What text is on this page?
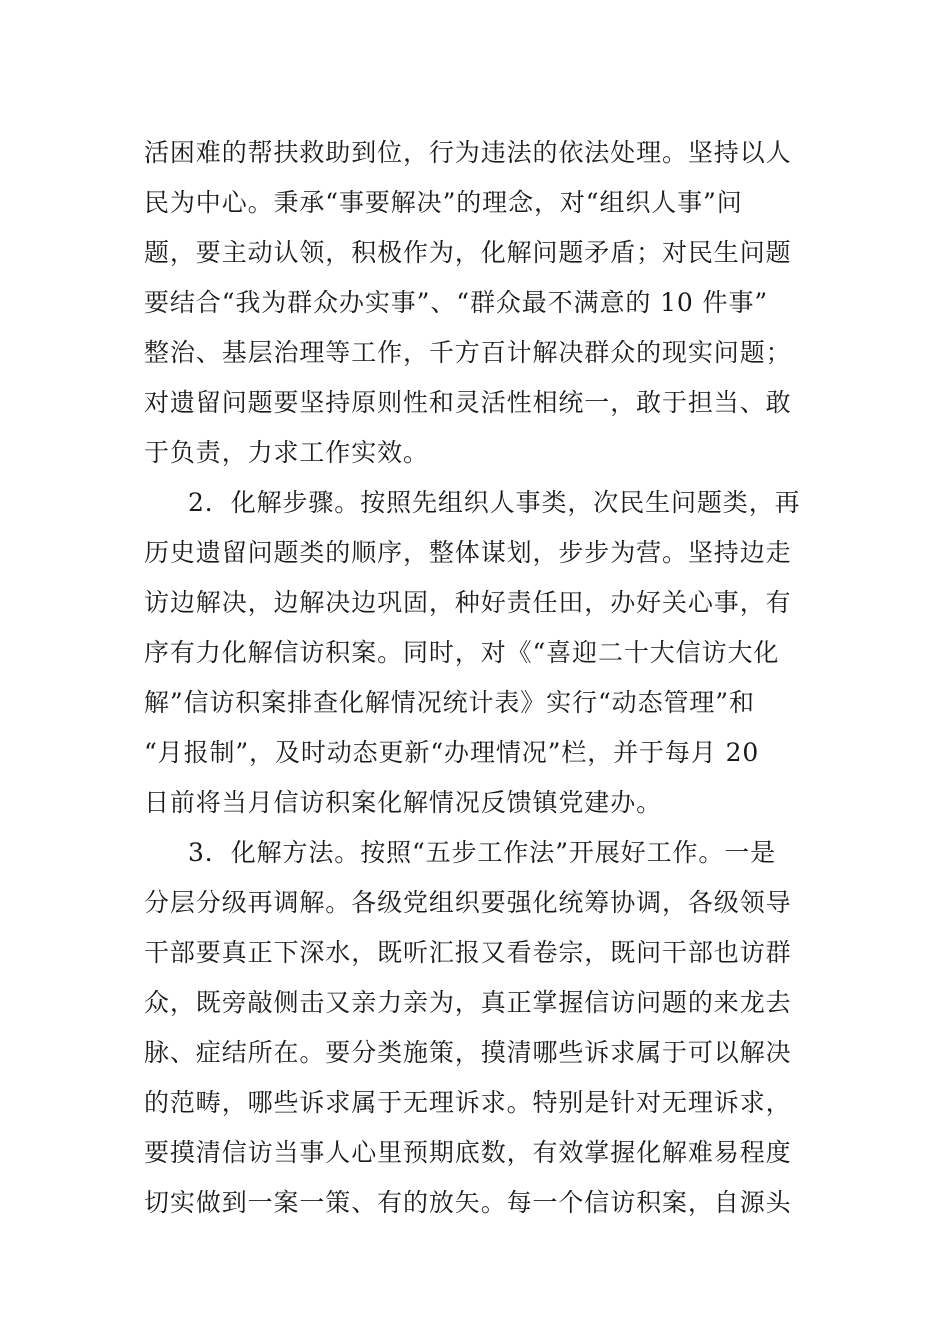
活困难的帮扶救助到位，行为违法的依法处理。坚持以人
民为中心。秉承“事要解决”的理念，对“组织人事”问
题，要主动认领，积极作为，化解问题矛盾；对民生问题
要结合“我为群众办实事”、“群众最不满意的 10 件事”
整治、基层治理等工作，千方百计解决群众的现实问题；
对遗留问题要坚持原则性和灵活性相统一，敢于担当、敢
于负责，力求工作实效。
2．化解步骤。按照先组织人事类，次民生问题类，再
历史遗留问题类的顺序，整体谋划，步步为营。坚持边走
访边解决，边解决边巩固，种好责任田，办好关心事，有
序有力化解信访积案。同时，对《“喜迎二十大信访大化
解”信访积案排查化解情况统计表》实行“动态管理”和
“月报制”，及时动态更新“办理情况”栏，并于每月 20
日前将当月信访积案化解情况反馈镇党建办。
3．化解方法。按照“五步工作法”开展好工作。一是
分层分级再调解。各级党组织要强化统筹协调，各级领导
干部要真正下深水，既听汇报又看卷宗，既问干部也访群
众，既旁敲侧击又亲力亲为，真正掌握信访问题的来龙去
脉、症结所在。要分类施策，摸清哪些诉求属于可以解决
的范畴，哪些诉求属于无理诉求。特别是针对无理诉求，
要摸清信访当事人心里预期底数，有效掌握化解难易程度
切实做到一案一策、有的放矢。每一个信访积案，自源头
